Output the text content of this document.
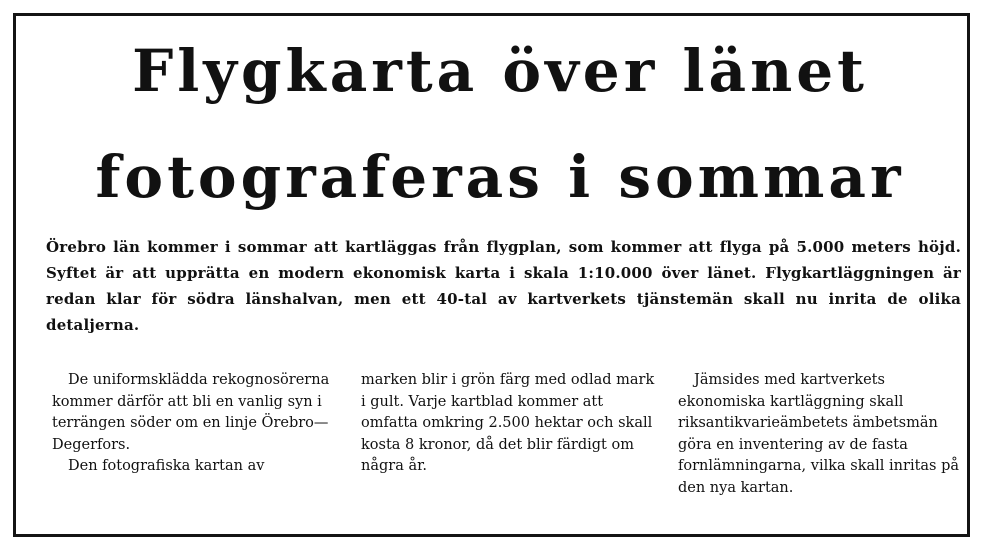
Flygkarta över länet
fotograferas i sommar

Örebro län kommer i sommar att kartläggas från flygplan, som kommer att flyga på 5.000 meters höjd. Syftet är att upprätta en modern ekonomisk karta i skala 1:10.000 över länet. Flygkartläggningen är redan klar för södra länshalvan, men ett 40-tal av kartverkets tjänstemän skall nu inrita de olika detaljerna.

De uniformsklädda rekognosörerna kommer därför att bli en vanlig syn i terrängen söder om en linje Örebro—Degerfors.

Den fotografiska kartan av

marken blir i grön färg med odlad mark i gult. Varje kartblad kommer att omfatta omkring 2.500 hektar och skall kosta 8 kronor, då det blir färdigt om några år.

Jämsides med kartverkets ekonomiska kartläggning skall riksantikvarieämbetets ämbetsmän göra en inventering av de fasta fornlämningarna, vilka skall inritas på den nya kartan.
